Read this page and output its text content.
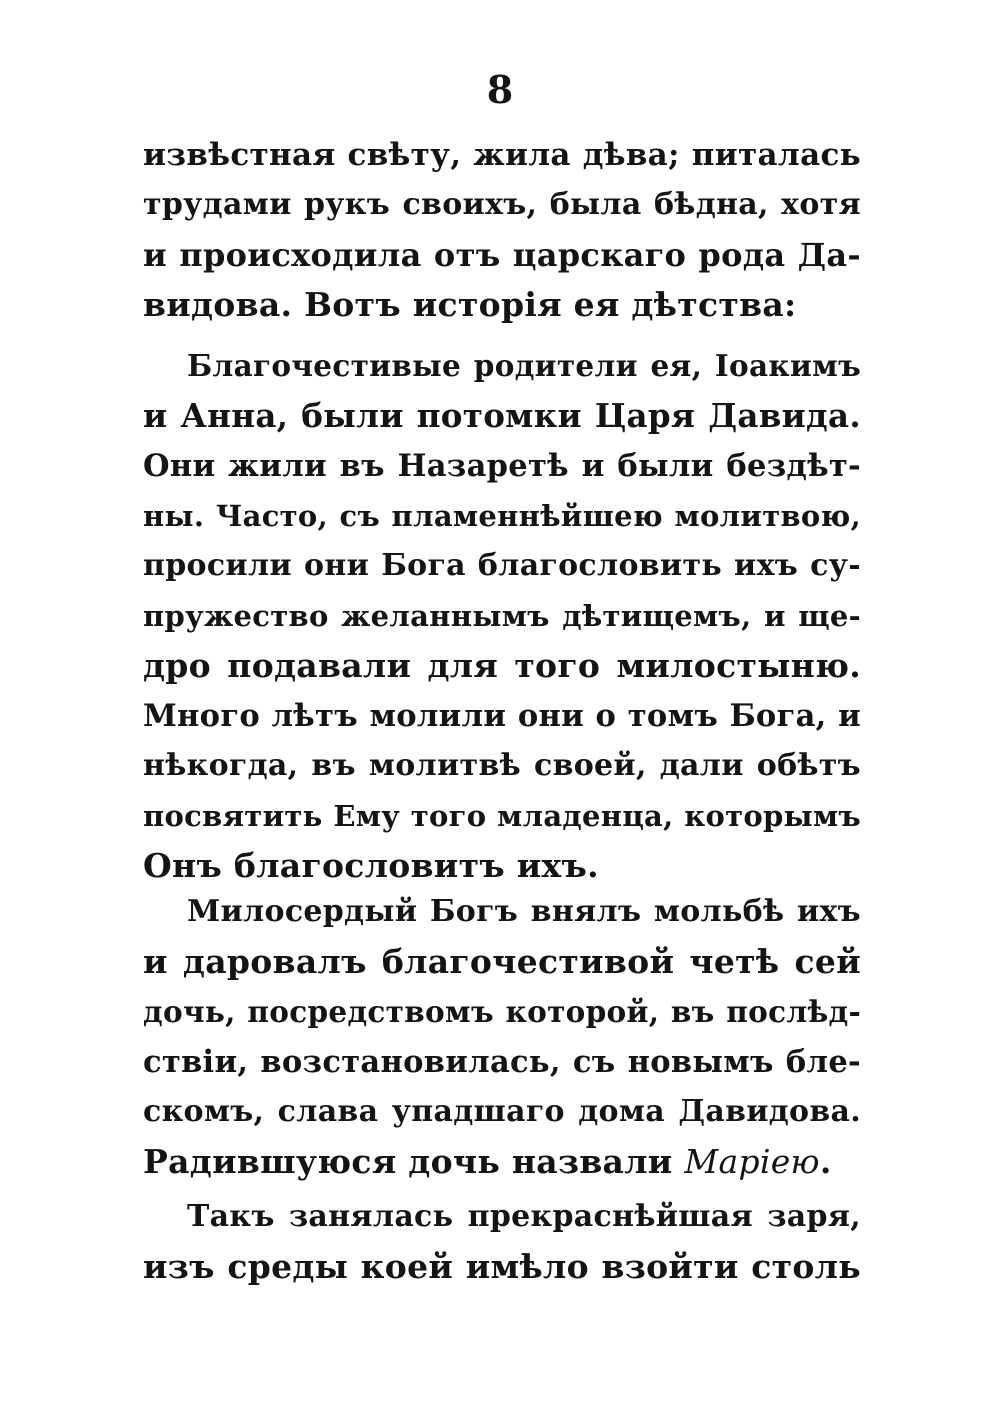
8
извѣстная свѣту, жила дѣва; питалась
трудами рукъ своихъ, была бѣдна, хотя
и происходила отъ царскаго рода Да-
видова. Вотъ исторія ея дѣтства:
Благочестивые родители ея, Іоакимъ
и Анна, были потомки Царя Давида.
Они жили въ Назаретѣ и были бездѣт-
ны. Часто, съ пламеннѣйшею молитвою,
просили они Бога благословить ихъ су-
пружество желаннымъ дѣтищемъ, и ще-
дро подавали для того милостыню.
Много лѣтъ молили они о томъ Бога, и
нѣкогда, въ молитвѣ своей, дали обѣтъ
посвятить Ему того младенца, которымъ
Онъ благословитъ ихъ.
Милосердый Богъ внялъ мольбѣ ихъ
и даровалъ благочестивой четѣ сей
дочь, посредствомъ которой, въ послѣд-
ствіи, возстановилась, съ новымъ бле-
скомъ, слава упадшаго дома Давидова.
Радившуюся дочь назвали Маріею.
Такъ занялась прекраснѣйшая заря,
изъ среды коей имѣло взойти столь
